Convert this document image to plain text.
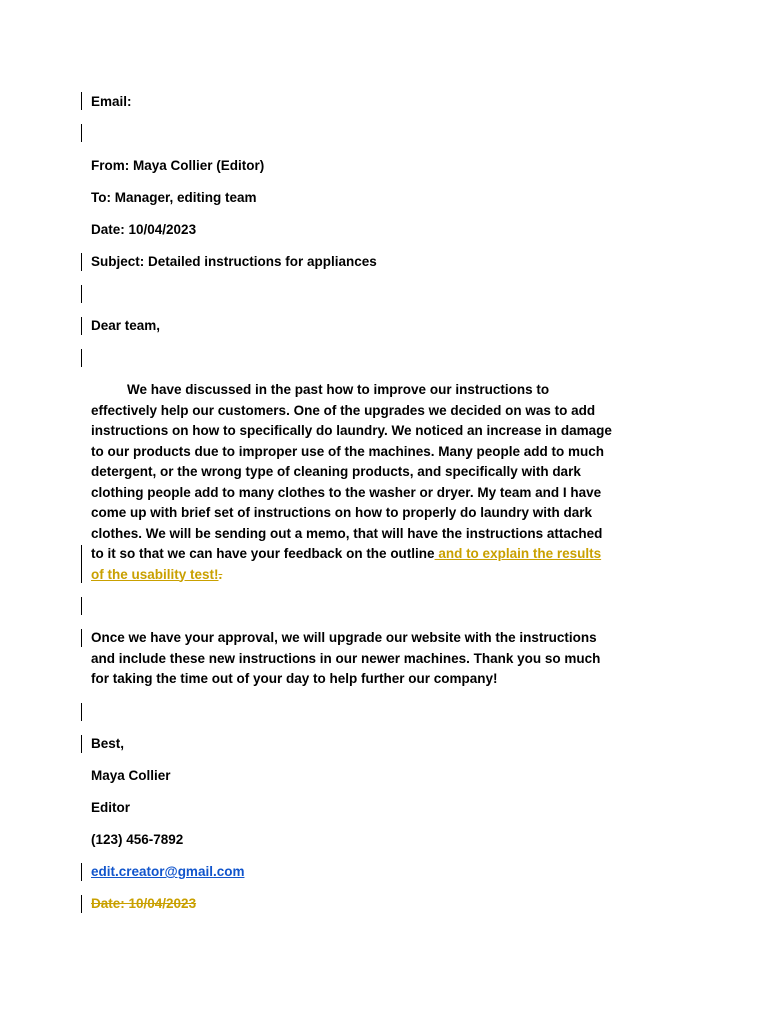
Email:
From: Maya Collier (Editor)
To: Manager, editing team
Date: 10/04/2023
Subject: Detailed instructions for appliances
Dear team,
We have discussed in the past how to improve our instructions to
effectively help our customers. One of the upgrades we decided on was to add
instructions on how to specifically do laundry. We noticed an increase in damage
to our products due to improper use of the machines. Many people add to much
detergent, or the wrong type of cleaning products, and specifically with dark
clothing people add to many clothes to the washer or dryer. My team and I have
come up with brief set of instructions on how to properly do laundry with dark
clothes. We will be sending out a memo, that will have the instructions attached
to it so that we can have your feedback on the outline and to explain the results
of the usability test!.
Once we have your approval, we will upgrade our website with the instructions
and include these new instructions in our newer machines. Thank you so much
for taking the time out of your day to help further our company!
Best,
Maya Collier
Editor
(123) 456-7892
edit.creator@gmail.com
Date: 10/04/2023
